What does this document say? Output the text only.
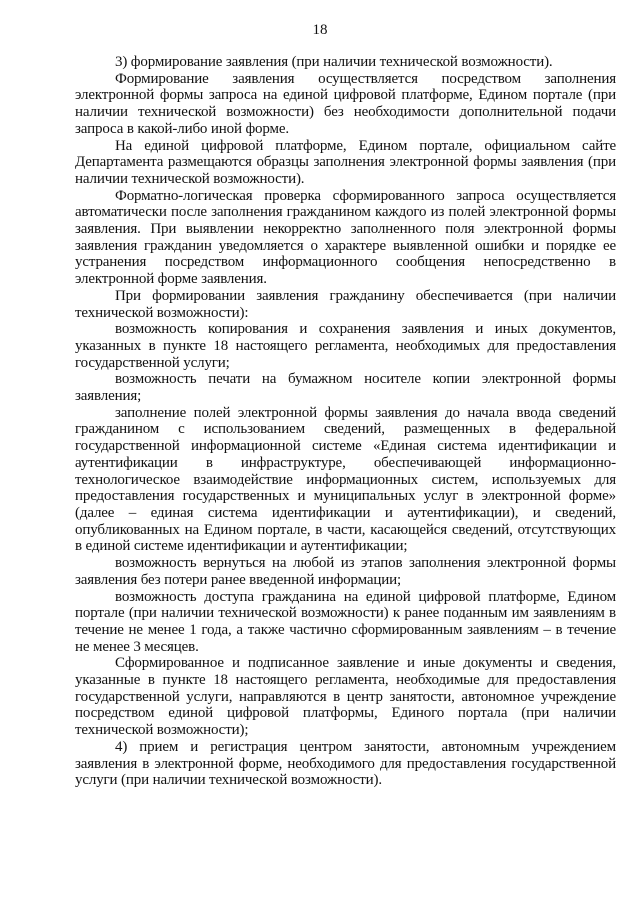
18

3) формирование заявления (при наличии технической возможности).

Формирование заявления осуществляется посредством заполнения электронной формы запроса на единой цифровой платформе, Едином портале (при наличии технической возможности) без необходимости дополнительной подачи запроса в какой-либо иной форме.

На единой цифровой платформе, Едином портале, официальном сайте Департамента размещаются образцы заполнения электронной формы заявления (при наличии технической возможности).

Форматно-логическая проверка сформированного запроса осуществляется автоматически после заполнения гражданином каждого из полей электронной формы заявления. При выявлении некорректно заполненного поля электронной формы заявления гражданин уведомляется о характере выявленной ошибки и порядке ее устранения посредством информационного сообщения непосредственно в электронной форме заявления.

При формировании заявления гражданину обеспечивается (при наличии технической возможности):

возможность копирования и сохранения заявления и иных документов, указанных в пункте 18 настоящего регламента, необходимых для предоставления государственной услуги;

возможность печати на бумажном носителе копии электронной формы заявления;

заполнение полей электронной формы заявления до начала ввода сведений гражданином с использованием сведений, размещенных в федеральной государственной информационной системе «Единая система идентификации и аутентификации в инфраструктуре, обеспечивающей информационно-технологическое взаимодействие информационных систем, используемых для предоставления государственных и муниципальных услуг в электронной форме» (далее – единая система идентификации и аутентификации), и сведений, опубликованных на Едином портале, в части, касающейся сведений, отсутствующих в единой системе идентификации и аутентификации;

возможность вернуться на любой из этапов заполнения электронной формы заявления без потери ранее введенной информации;

возможность доступа гражданина на единой цифровой платформе, Едином портале (при наличии технической возможности) к ранее поданным им заявлениям в течение не менее 1 года, а также частично сформированным заявлениям – в течение не менее 3 месяцев.

Сформированное и подписанное заявление и иные документы и сведения, указанные в пункте 18 настоящего регламента, необходимые для предоставления государственной услуги, направляются в центр занятости, автономное учреждение посредством единой цифровой платформы, Единого портала (при наличии технической возможности);

4) прием и регистрация центром занятости, автономным учреждением заявления в электронной форме, необходимого для предоставления государственной услуги (при наличии технической возможности).
